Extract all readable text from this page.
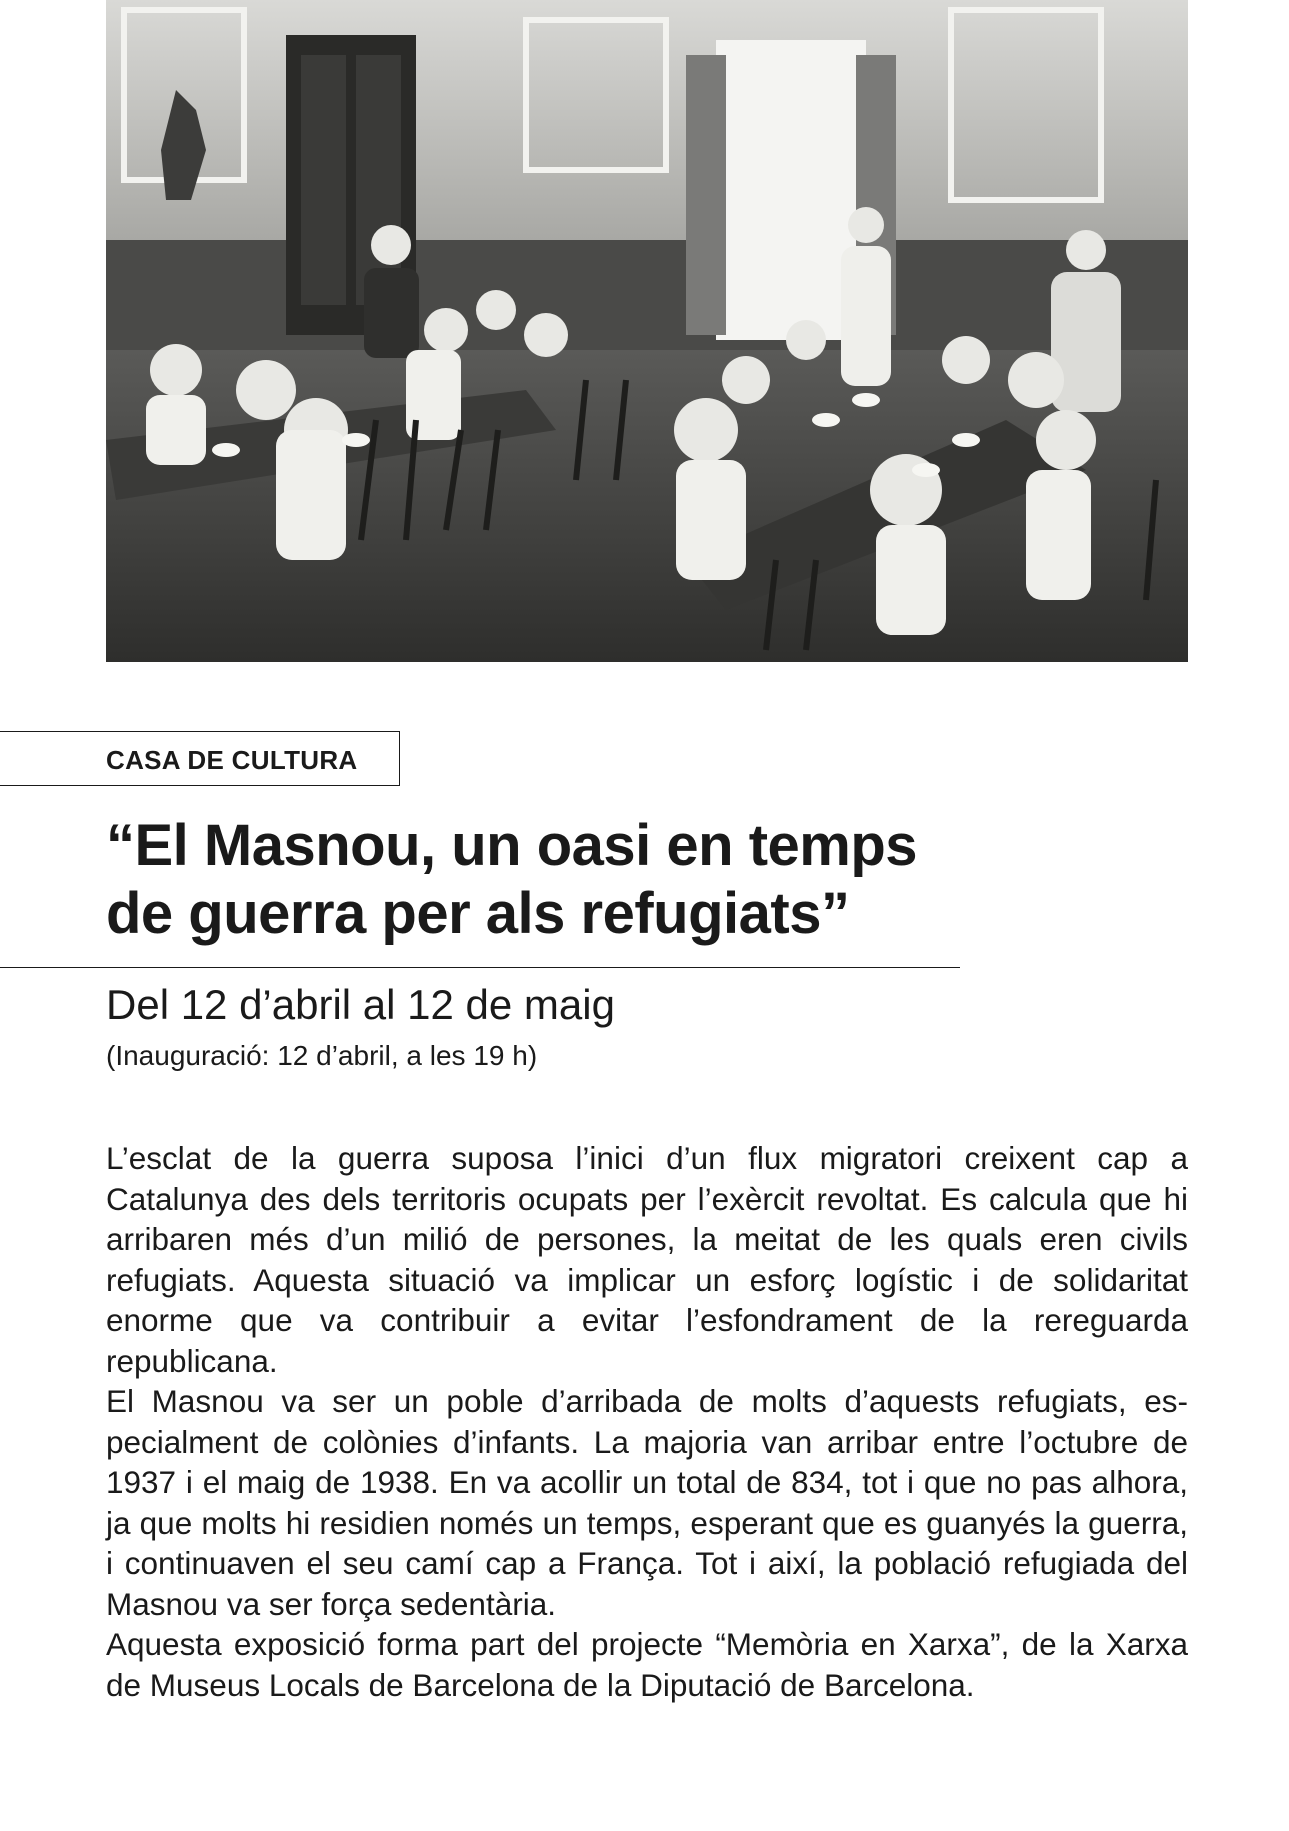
CASA DE CULTURA
“El Masnou, un oasi en temps
de guerra per als refugiats”
Del 12 d’abril al 12 de maig
(Inauguració: 12 d’abril, a les 19 h)

L’esclat de la guerra suposa l’inici d’un flux migratori creixent cap a Catalunya des dels territoris ocupats per l’exèrcit revoltat. Es calcula que hi arribaren més d’un milió de persones, la meitat de les quals eren civils refugiats. Aquesta situació va implicar un esforç logístic i de solidaritat enorme que va contribuir a evitar l’esfondrament de la rereguarda republicana.

El Masnou va ser un poble d’arribada de molts d’aquests refugiats, especialment de colònies d’infants. La majoria van arribar entre l’octubre de 1937 i el maig de 1938. En va acollir un total de 834, tot i que no pas alhora, ja que molts hi residien només un temps, esperant que es guanyés la guerra, i continuaven el seu camí cap a França. Tot i així, la població refugiada del Masnou va ser força sedentària.

Aquesta exposició forma part del projecte “Memòria en Xarxa”, de la Xarxa de Museus Locals de Barcelona de la Diputació de Barcelona.
